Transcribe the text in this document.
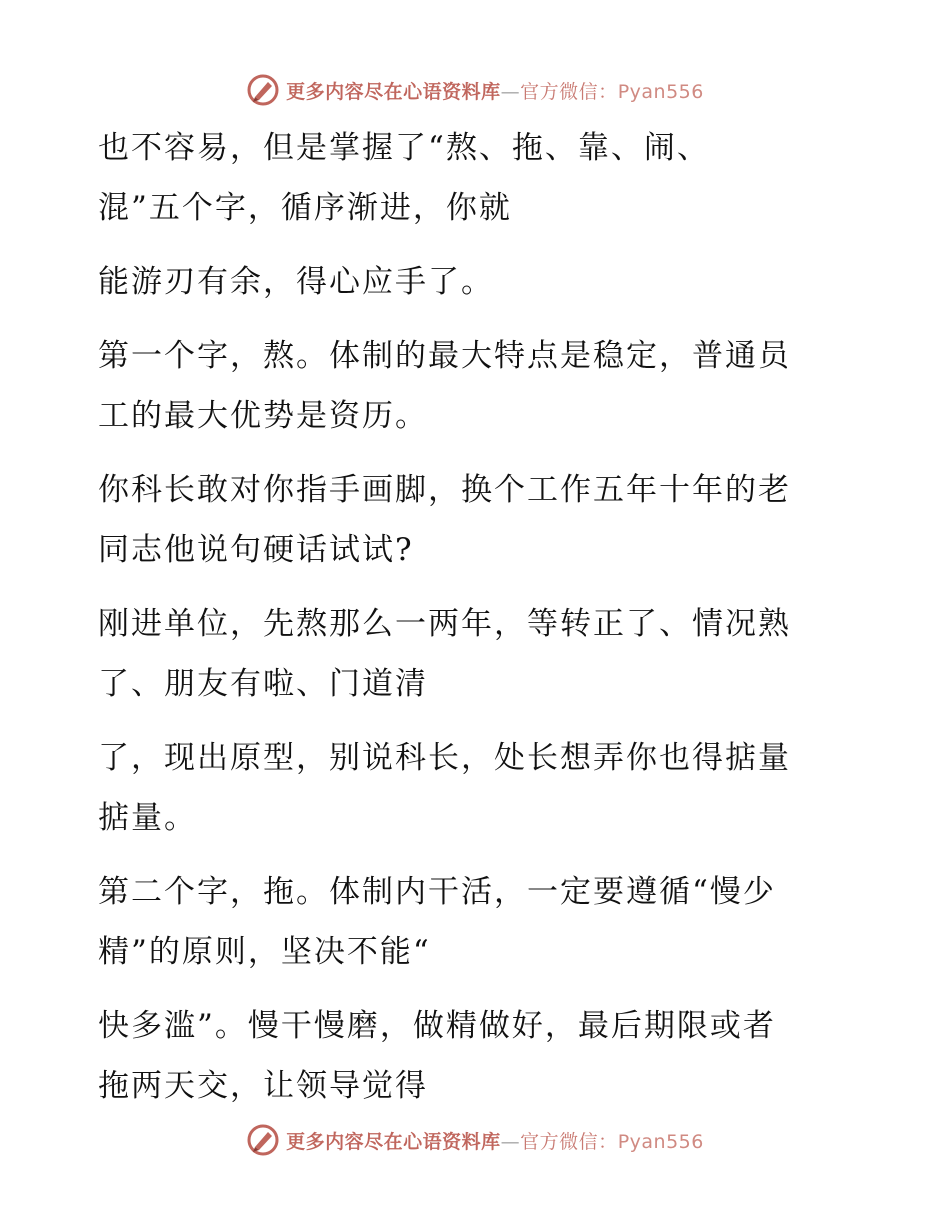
更多内容尽在心语资料库—官方微信：Pyan556
也不容易，但是掌握了“熬、拖、靠、闹、
混”五个字，循序渐进，你就
能游刃有余，得心应手了。
第一个字，熬。体制的最大特点是稳定，普通员
工的最大优势是资历。
你科长敢对你指手画脚，换个工作五年十年的老
同志他说句硬话试试?
刚进单位，先熬那么一两年，等转正了、情况熟
了、朋友有啦、门道清
了，现出原型，别说科长，处长想弄你也得掂量
掂量。
第二个字，拖。体制内干活，一定要遵循“慢少
精”的原则，坚决不能“
快多滥”。慢干慢磨，做精做好，最后期限或者
拖两天交，让领导觉得
更多内容尽在心语资料库—官方微信：Pyan556
